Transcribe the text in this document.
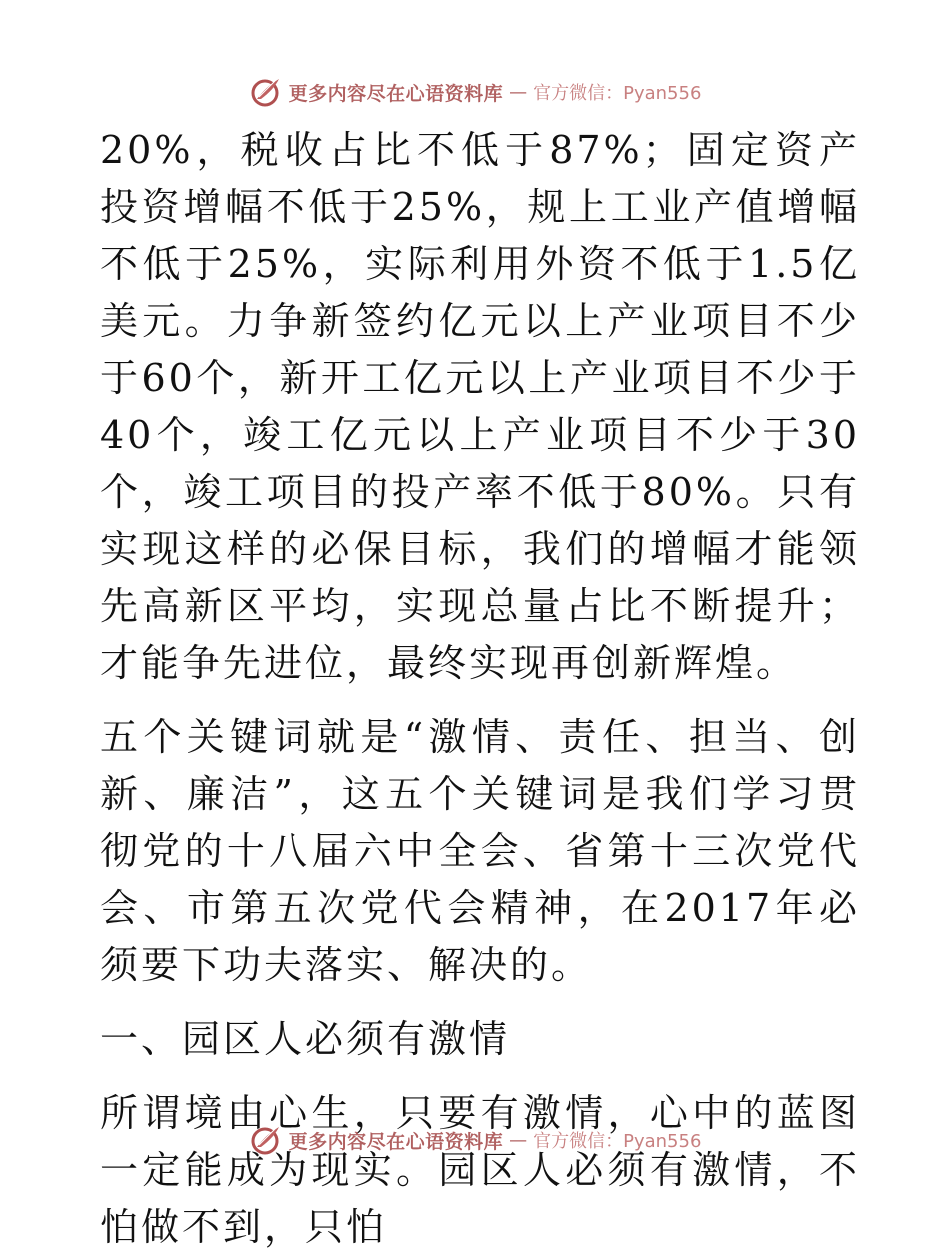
更多内容尽在心语资料库 — 官方微信：Pyan556

20%，税收占比不低于87%；固定资产投资增幅不低于25%，规上工业产值增幅不低于25%，实际利用外资不低于1.5亿美元。力争新签约亿元以上产业项目不少于60个，新开工亿元以上产业项目不少于40个，竣工亿元以上产业项目不少于30个，竣工项目的投产率不低于80%。只有实现这样的必保目标，我们的增幅才能领先高新区平均，实现总量占比不断提升；才能争先进位，最终实现再创新辉煌。

五个关键词就是“激情、责任、担当、创新、廉洁”，这五个关键词是我们学习贯彻党的十八届六中全会、省第十三次党代会、市第五次党代会精神，在2017年必须要下功夫落实、解决的。

一、园区人必须有激情

所谓境由心生，只要有激情，心中的蓝图一定能成为现实。园区人必须有激情，不怕做不到，只怕

更多内容尽在心语资料库 — 官方微信：Pyan556
